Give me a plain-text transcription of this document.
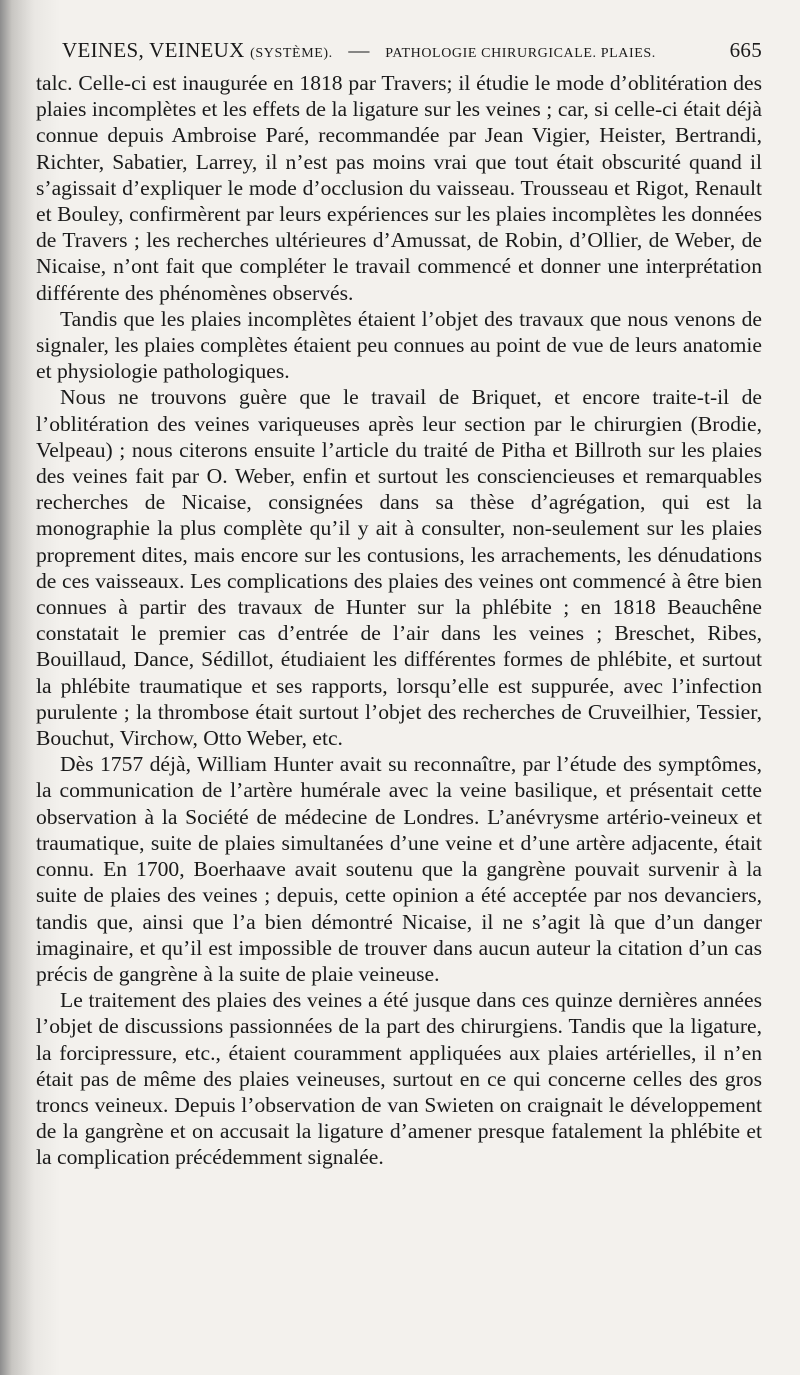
VEINES, VEINEUX (SYSTÈME). — PATHOLOGIE CHIRURGICALE. PLAIES.	665

talc. Celle-ci est inaugurée en 1818 par Travers; il étudie le mode d’oblitération des plaies incomplètes et les effets de la ligature sur les veines ; car, si celle-ci était déjà connue depuis Ambroise Paré, recommandée par Jean Vigier, Heister, Bertrandi, Richter, Sabatier, Larrey, il n’est pas moins vrai que tout était obscurité quand il s’agissait d’expliquer le mode d’occlusion du vaisseau. Trousseau et Rigot, Renault et Bouley, confirmèrent par leurs expériences sur les plaies incomplètes les données de Travers ; les recherches ultérieures d’Amussat, de Robin, d’Ollier, de Weber, de Nicaise, n’ont fait que compléter le travail commencé et donner une interprétation différente des phénomènes observés.

Tandis que les plaies incomplètes étaient l’objet des travaux que nous venons de signaler, les plaies complètes étaient peu connues au point de vue de leurs anatomie et physiologie pathologiques.

Nous ne trouvons guère que le travail de Briquet, et encore traite-t-il de l’oblitération des veines variqueuses après leur section par le chirurgien (Brodie, Velpeau) ; nous citerons ensuite l’article du traité de Pitha et Billroth sur les plaies des veines fait par O. Weber, enfin et surtout les consciencieuses et remarquables recherches de Nicaise, consignées dans sa thèse d’agrégation, qui est la monographie la plus complète qu’il y ait à consulter, non-seulement sur les plaies proprement dites, mais encore sur les contusions, les arrachements, les dénudations de ces vaisseaux. Les complications des plaies des veines ont commencé à être bien connues à partir des travaux de Hunter sur la phlébite ; en 1818 Beauchêne constatait le premier cas d’entrée de l’air dans les veines ; Breschet, Ribes, Bouillaud, Dance, Sédillot, étudiaient les différentes formes de phlébite, et surtout la phlébite traumatique et ses rapports, lorsqu’elle est suppurée, avec l’infection purulente ; la thrombose était surtout l’objet des recherches de Cruveilhier, Tessier, Bouchut, Virchow, Otto Weber, etc.

Dès 1757 déjà, William Hunter avait su reconnaître, par l’étude des symptômes, la communication de l’artère humérale avec la veine basilique, et présentait cette observation à la Société de médecine de Londres. L’anévrysme artério-veineux et traumatique, suite de plaies simultanées d’une veine et d’une artère adjacente, était connu. En 1700, Boerhaave avait soutenu que la gangrène pouvait survenir à la suite de plaies des veines ; depuis, cette opinion a été acceptée par nos devanciers, tandis que, ainsi que l’a bien démontré Nicaise, il ne s’agit là que d’un danger imaginaire, et qu’il est impossible de trouver dans aucun auteur la citation d’un cas précis de gangrène à la suite de plaie veineuse.

Le traitement des plaies des veines a été jusque dans ces quinze dernières années l’objet de discussions passionnées de la part des chirurgiens. Tandis que la ligature, la forcipressure, etc., étaient couramment appliquées aux plaies artérielles, il n’en était pas de même des plaies veineuses, surtout en ce qui concerne celles des gros troncs veineux. Depuis l’observation de van Swieten on craignait le développement de la gangrène et on accusait la ligature d’amener presque fatalement la phlébite et la complication précédemment signalée.
